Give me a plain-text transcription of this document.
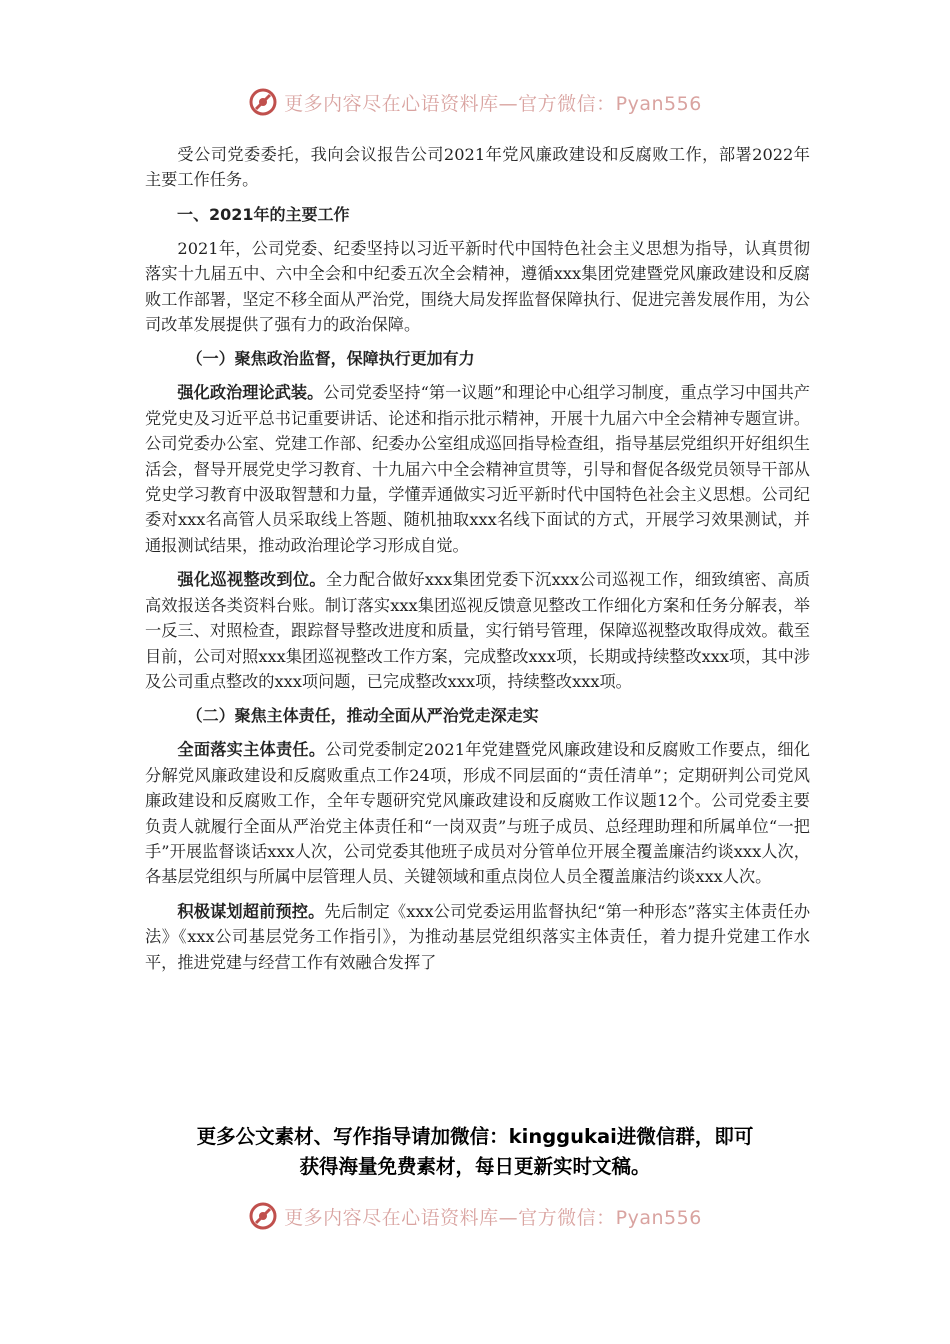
更多内容尽在心语资料库—官方微信：Pyan556

受公司党委委托，我向会议报告公司2021年党风廉政建设和反腐败工作，部署2022年主要工作任务。

一、2021年的主要工作

2021年，公司党委、纪委坚持以习近平新时代中国特色社会主义思想为指导，认真贯彻落实十九届五中、六中全会和中纪委五次全会精神，遵循xxx集团党建暨党风廉政建设和反腐败工作部署，坚定不移全面从严治党，围绕大局发挥监督保障执行、促进完善发展作用，为公司改革发展提供了强有力的政治保障。

（一）聚焦政治监督，保障执行更加有力

强化政治理论武装。公司党委坚持“第一议题”和理论中心组学习制度，重点学习中国共产党党史及习近平总书记重要讲话、论述和指示批示精神，开展十九届六中全会精神专题宣讲。公司党委办公室、党建工作部、纪委办公室组成巡回指导检查组，指导基层党组织开好组织生活会，督导开展党史学习教育、十九届六中全会精神宣贯等，引导和督促各级党员领导干部从党史学习教育中汲取智慧和力量，学懂弄通做实习近平新时代中国特色社会主义思想。公司纪委对xxx名高管人员采取线上答题、随机抽取xxx名线下面试的方式，开展学习效果测试，并通报测试结果，推动政治理论学习形成自觉。

强化巡视整改到位。全力配合做好xxx集团党委下沉xxx公司巡视工作，细致缜密、高质高效报送各类资料台账。制订落实xxx集团巡视反馈意见整改工作细化方案和任务分解表，举一反三、对照检查，跟踪督导整改进度和质量，实行销号管理，保障巡视整改取得成效。截至目前，公司对照xxx集团巡视整改工作方案，完成整改xxx项，长期或持续整改xxx项，其中涉及公司重点整改的xxx项问题，已完成整改xxx项，持续整改xxx项。

（二）聚焦主体责任，推动全面从严治党走深走实

全面落实主体责任。公司党委制定2021年党建暨党风廉政建设和反腐败工作要点，细化分解党风廉政建设和反腐败重点工作24项，形成不同层面的“责任清单”；定期研判公司党风廉政建设和反腐败工作，全年专题研究党风廉政建设和反腐败工作议题12个。公司党委主要负责人就履行全面从严治党主体责任和“一岗双责”与班子成员、总经理助理和所属单位“一把手”开展监督谈话xxx人次，公司党委其他班子成员对分管单位开展全覆盖廉洁约谈xxx人次，各基层党组织与所属中层管理人员、关键领域和重点岗位人员全覆盖廉洁约谈xxx人次。

积极谋划超前预控。先后制定《xxx公司党委运用监督执纪“第一种形态”落实主体责任办法》《xxx公司基层党务工作指引》，为推动基层党组织落实主体责任，着力提升党建工作水平，推进党建与经营工作有效融合发挥了

更多公文素材、写作指导请加微信：kinggukai进微信群，即可
获得海量免费素材，每日更新实时文稿。
更多内容尽在心语资料库—官方微信：Pyan556
